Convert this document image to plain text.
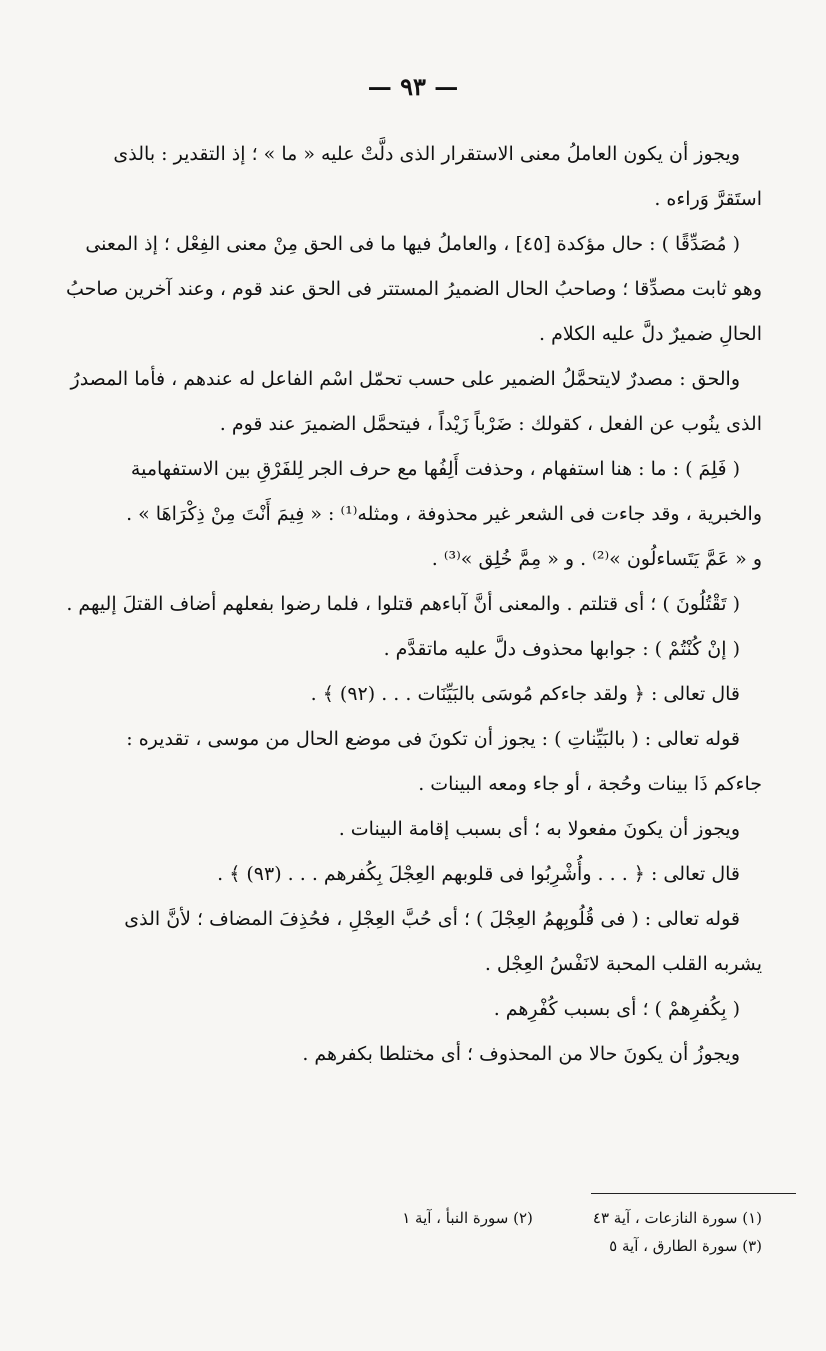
— ٩٣ —

ويجوز أن يكون العاملُ معنى الاستقرار الذى دلَّتْ عليه « ما » ؛ إذ التقدير : بالذى

استَقرَّ وَراءه .

( مُصَدِّقًا ) : حال مؤكدة [٤٥] ، والعاملُ فيها ما فى الحق مِنْ معنى الفِعْل ؛ إذ المعنى

وهو ثابت مصدِّقا ؛ وصاحبُ الحال الضميرُ المستتر فى الحق عند قوم ، وعند آخرين صاحبُ

الحالِ ضميرٌ دلَّ عليه الكلام .

والحق : مصدرٌ لايتحمَّلُ الضمير على حسب تحمّل اسْم الفاعل له عندهم ، فأما المصدرُ

الذى ينُوب عن الفعل ، كقولك : ضَرْباً زَيْداً ، فيتحمَّل الضميرَ عند قوم .

( فَلِمَ ) : ما : هنا استفهام ، وحذفت أَلِفُها مع حرف الجر لِلفَرْقِ بين الاستفهامية

والخبرية ، وقد جاءت فى الشعر غير محذوفة ، ومثله⁽¹⁾ : « فِيمَ أَنْتَ مِنْ ذِكْرَاهَا » .

و « عَمَّ يَتَساءلُون »⁽²⁾ . و « مِمَّ خُلِق »⁽³⁾ .

( تَقْتُلُونَ ) ؛ أى قتلتم . والمعنى أنَّ آباءهم قتلوا ، فلما رضوا بفعلهم أضاف القتلَ إليهم .

( إنْ كُنْتُمْ ) : جوابها محذوف دلَّ عليه ماتقدَّم .

قال تعالى : ﴿ ولقد جاءكم مُوسَى بالبَيِّنَات . . . (٩٢) ﴾ .

قوله تعالى : ( بالبَيِّناتِ ) : يجوز أن تكونَ فى موضع الحال من موسى ، تقديره :

جاءكم ذَا بينات وحُجة ، أو جاء ومعه البينات .

ويجوز أن يكونَ مفعولا به ؛ أى بسبب إقامة البينات .

قال تعالى : ﴿ . . . وأُشْرِبُوا فى قلوبهم العِجْلَ بِكُفرهم . . . (٩٣) ﴾ .

قوله تعالى : ( فى قُلُوبِهمُ العِجْلَ ) ؛ أى حُبَّ العِجْلِ ، فحُذِفَ المضاف ؛ لأنَّ الذى

يشربه القلب المحبة لانَفْسُ العِجْل .

( بِكُفرِهمْ ) ؛ أى بسبب كُفْرِهم .

ويجوزُ أن يكونَ حالا من المحذوف ؛ أى مختلطا بكفرهم .

(١) سورة النازعات ، آية ٤٣
(٢) سورة النبأ ، آية ١
(٣) سورة الطارق ، آية ٥
